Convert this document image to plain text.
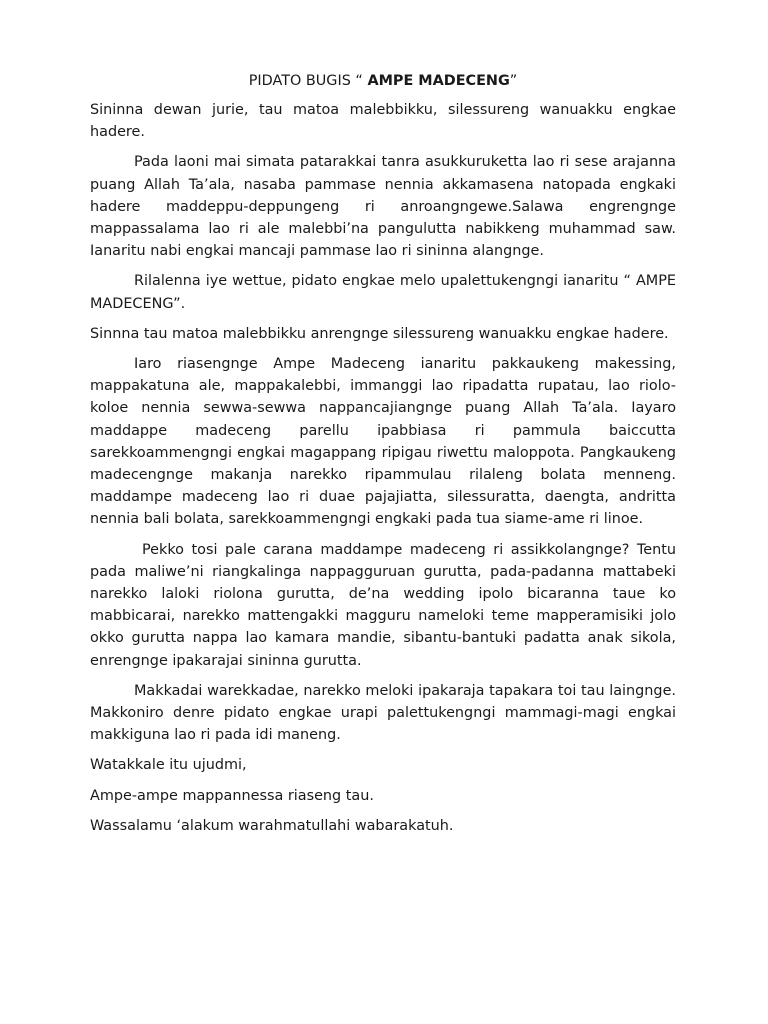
PIDATO BUGIS “ AMPE MADECENG”

Sininna dewan jurie, tau matoa malebbikku, silessureng wanuakku engkae hadere.

Pada laoni mai simata patarakkai tanra asukkuruketta lao ri sese arajanna puang Allah Ta’ala, nasaba pammase nennia akkamasena natopada engkaki hadere maddeppu-deppungeng ri anroangngewe.Salawa engrengnge mappassalama lao ri ale malebbi’na pangulutta nabikkeng muhammad saw. Ianaritu nabi engkai mancaji pammase lao ri sininna alangnge.

Rilalenna iye wettue, pidato engkae melo upalettukengngi ianaritu “ AMPE MADECENG”.

Sinnna tau matoa malebbikku anrengnge silessureng wanuakku engkae hadere.

Iaro riasengnge Ampe Madeceng ianaritu pakkaukeng makessing, mappakatuna ale, mappakalebbi, immanggi lao ripadatta rupatau, lao riolo-koloe nennia sewwa-sewwa nappancajiangnge puang Allah Ta’ala. Iayaro maddappe madeceng parellu ipabbiasa ri pammula baiccutta sarekkoammengngi engkai magappang ripigau riwettu maloppota. Pangkaukeng madecengnge makanja narekko ripammulau rilaleng bolata menneng. maddampe madeceng lao ri duae pajajiatta, silessuratta, daengta, andritta nennia bali bolata, sarekkoammengngi engkaki pada tua siame-ame ri linoe.

Pekko tosi pale carana maddampe madeceng ri assikkolangnge? Tentu pada maliwe’ni riangkalinga nappagguruan gurutta, pada-padanna mattabeki narekko laloki riolona gurutta, de’na wedding ipolo bicaranna taue ko mabbicarai, narekko mattengakki magguru nameloki teme mapperamisiki jolo okko gurutta nappa lao kamara mandie, sibantu-bantuki padatta anak sikola, enrengnge ipakarajai sininna gurutta.

Makkadai warekkadae, narekko meloki ipakaraja tapakara toi tau laingnge. Makkoniro denre pidato engkae urapi palettukengngi mammagi-magi engkai makkiguna lao ri pada idi maneng.

Watakkale itu ujudmi,

Ampe-ampe mappannessa riaseng tau.

Wassalamu ‘alakum warahmatullahi wabarakatuh.
